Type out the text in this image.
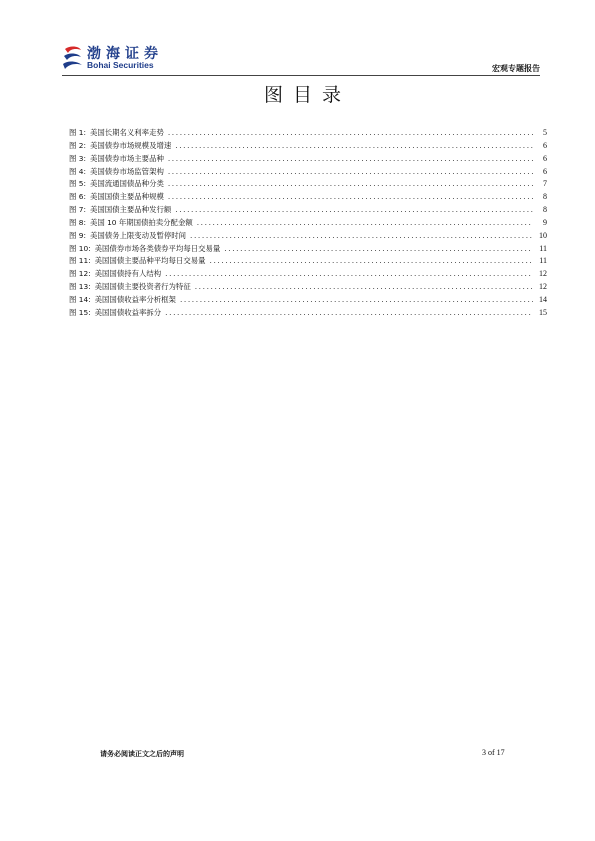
渤海证券
Bohai Securities	宏观专题报告
图目录
图 1: 美国长期名义利率走势 .....	5
图 2: 美国债券市场规模及增速 .....	6
图 3: 美国债券市场主要品种 .....	6
图 4: 美国债券市场监管架构 .....	6
图 5: 美国流通国债品种分类 .....	7
图 6: 美国国债主要品种规模 .....	8
图 7: 美国国债主要品种发行额 .....	8
图 8: 美国 10 年期国债拍卖分配金额 .....	9
图 9: 美国债务上限变动及暂停时间 .....	10
图 10: 美国债券市场各类债券平均每日交易量 .....	11
图 11: 美国国债主要品种平均每日交易量 .....	11
图 12: 美国国债持有人结构 .....	12
图 13: 美国国债主要投资者行为特征 .....	12
图 14: 美国国债收益率分析框架 .....	14
图 15: 美国国债收益率拆分 .....	15
请务必阅读正文之后的声明	3 of 17
